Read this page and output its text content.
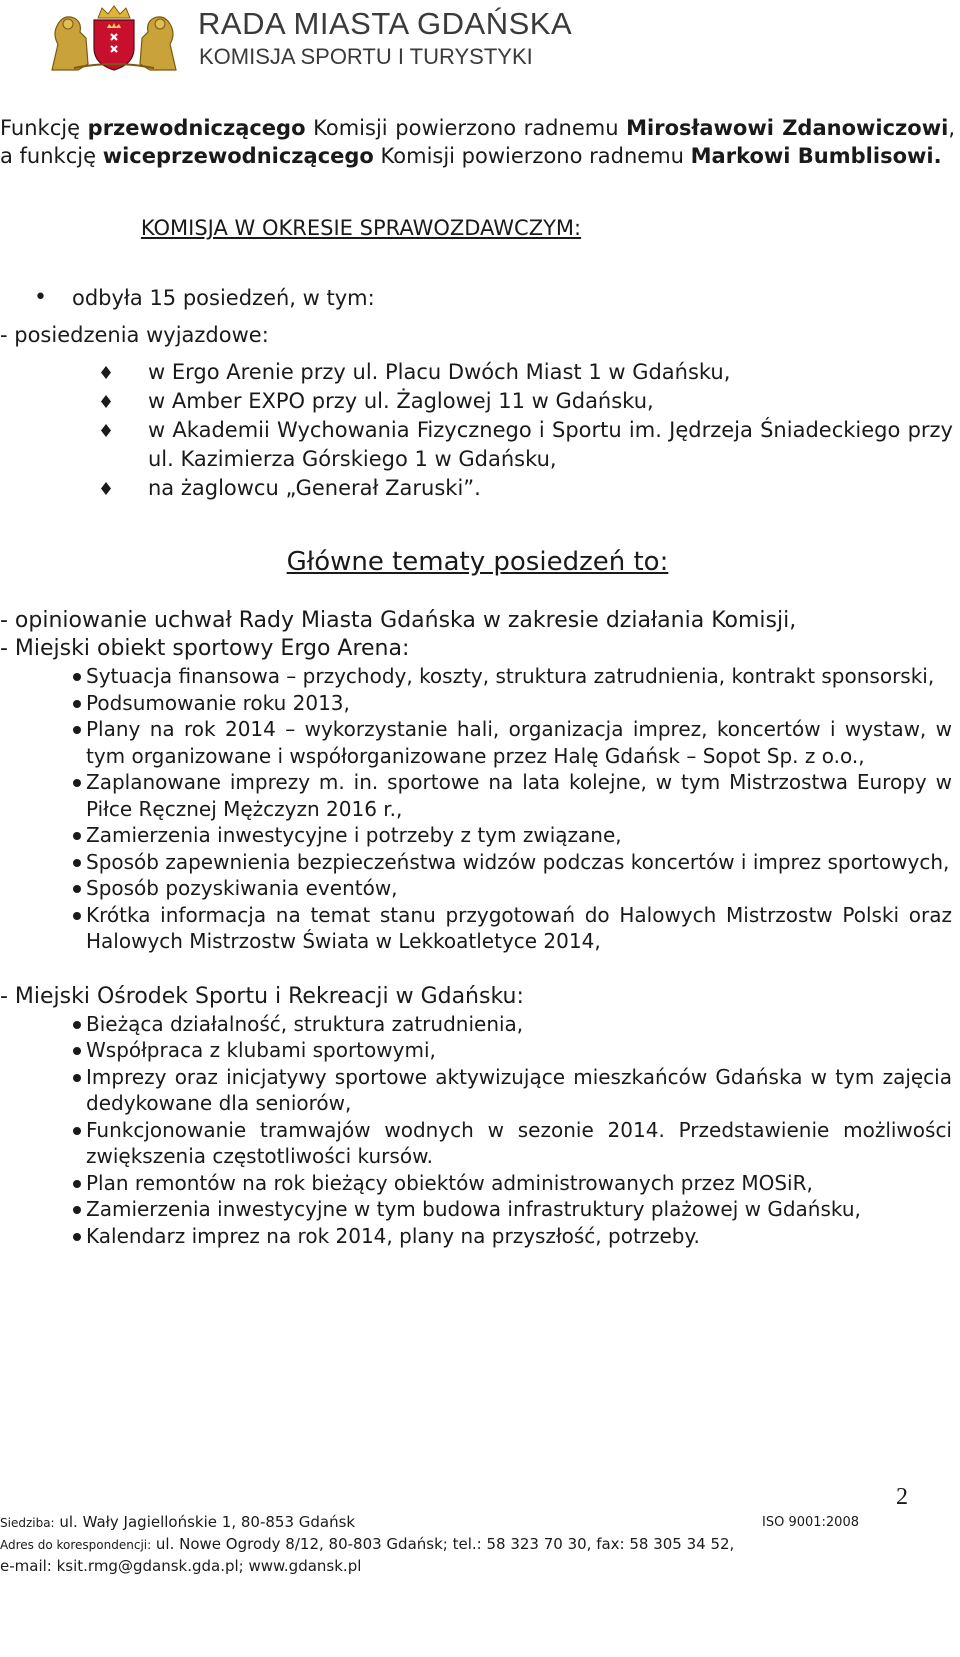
RADA MIASTA GDAŃSKA
KOMISJA SPORTU I TURYSTYKI

Funkcję przewodniczącego Komisji powierzono radnemu Mirosławowi Zdanowiczowi, a funkcję wiceprzewodniczącego Komisji powierzono radnemu Markowi Bumblisowi.

KOMISJA W OKRESIE SPRAWOZDAWCZYM:

• odbyła 15 posiedzeń, w tym:

- posiedzenia wyjazdowe:

w Ergo Arenie przy ul. Placu Dwóch Miast 1 w Gdańsku,
w Amber EXPO przy ul. Żaglowej 11 w Gdańsku,
w Akademii Wychowania Fizycznego i Sportu im. Jędrzeja Śniadeckiego przy ul. Kazimierza Górskiego 1 w Gdańsku,
na żaglowcu „Generał Zaruski”.

Główne tematy posiedzeń to:

- opiniowanie uchwał Rady Miasta Gdańska w zakresie działania Komisji,

- Miejski obiekt sportowy Ergo Arena:

Sytuacja finansowa – przychody, koszty, struktura zatrudnienia, kontrakt sponsorski,
Podsumowanie roku 2013,
Plany na rok 2014 – wykorzystanie hali, organizacja imprez, koncertów i wystaw, w tym organizowane i współorganizowane przez Halę Gdańsk – Sopot Sp. z o.o.,
Zaplanowane imprezy m. in. sportowe na lata kolejne, w tym Mistrzostwa Europy w Piłce Ręcznej Mężczyzn 2016 r.,
Zamierzenia inwestycyjne i potrzeby z tym związane,
Sposób zapewnienia bezpieczeństwa widzów podczas koncertów i imprez sportowych,
Sposób pozyskiwania eventów,
Krótka informacja na temat stanu przygotowań do Halowych Mistrzostw Polski oraz Halowych Mistrzostw Świata w Lekkoatletyce 2014,

- Miejski Ośrodek Sportu i Rekreacji w Gdańsku:

Bieżąca działalność, struktura zatrudnienia,
Współpraca z klubami sportowymi,
Imprezy oraz inicjatywy sportowe aktywizujące mieszkańców Gdańska w tym zajęcia dedykowane dla seniorów,
Funkcjonowanie tramwajów wodnych w sezonie 2014. Przedstawienie możliwości zwiększenia częstotliwości kursów.
Plan remontów na rok bieżący obiektów administrowanych przez MOSiR,
Zamierzenia inwestycyjne w tym budowa infrastruktury plażowej w Gdańsku,
Kalendarz imprez na rok 2014, plany na przyszłość, potrzeby.
2
Siedziba: ul. Wały Jagiellońskie 1, 80-853 Gdańsk	ISO 9001:2008
Adres do korespondencji: ul. Nowe Ogrody 8/12, 80-803 Gdańsk; tel.: 58 323 70 30, fax: 58 305 34 52,
e-mail: ksit.rmg@gdansk.gda.pl; www.gdansk.pl
